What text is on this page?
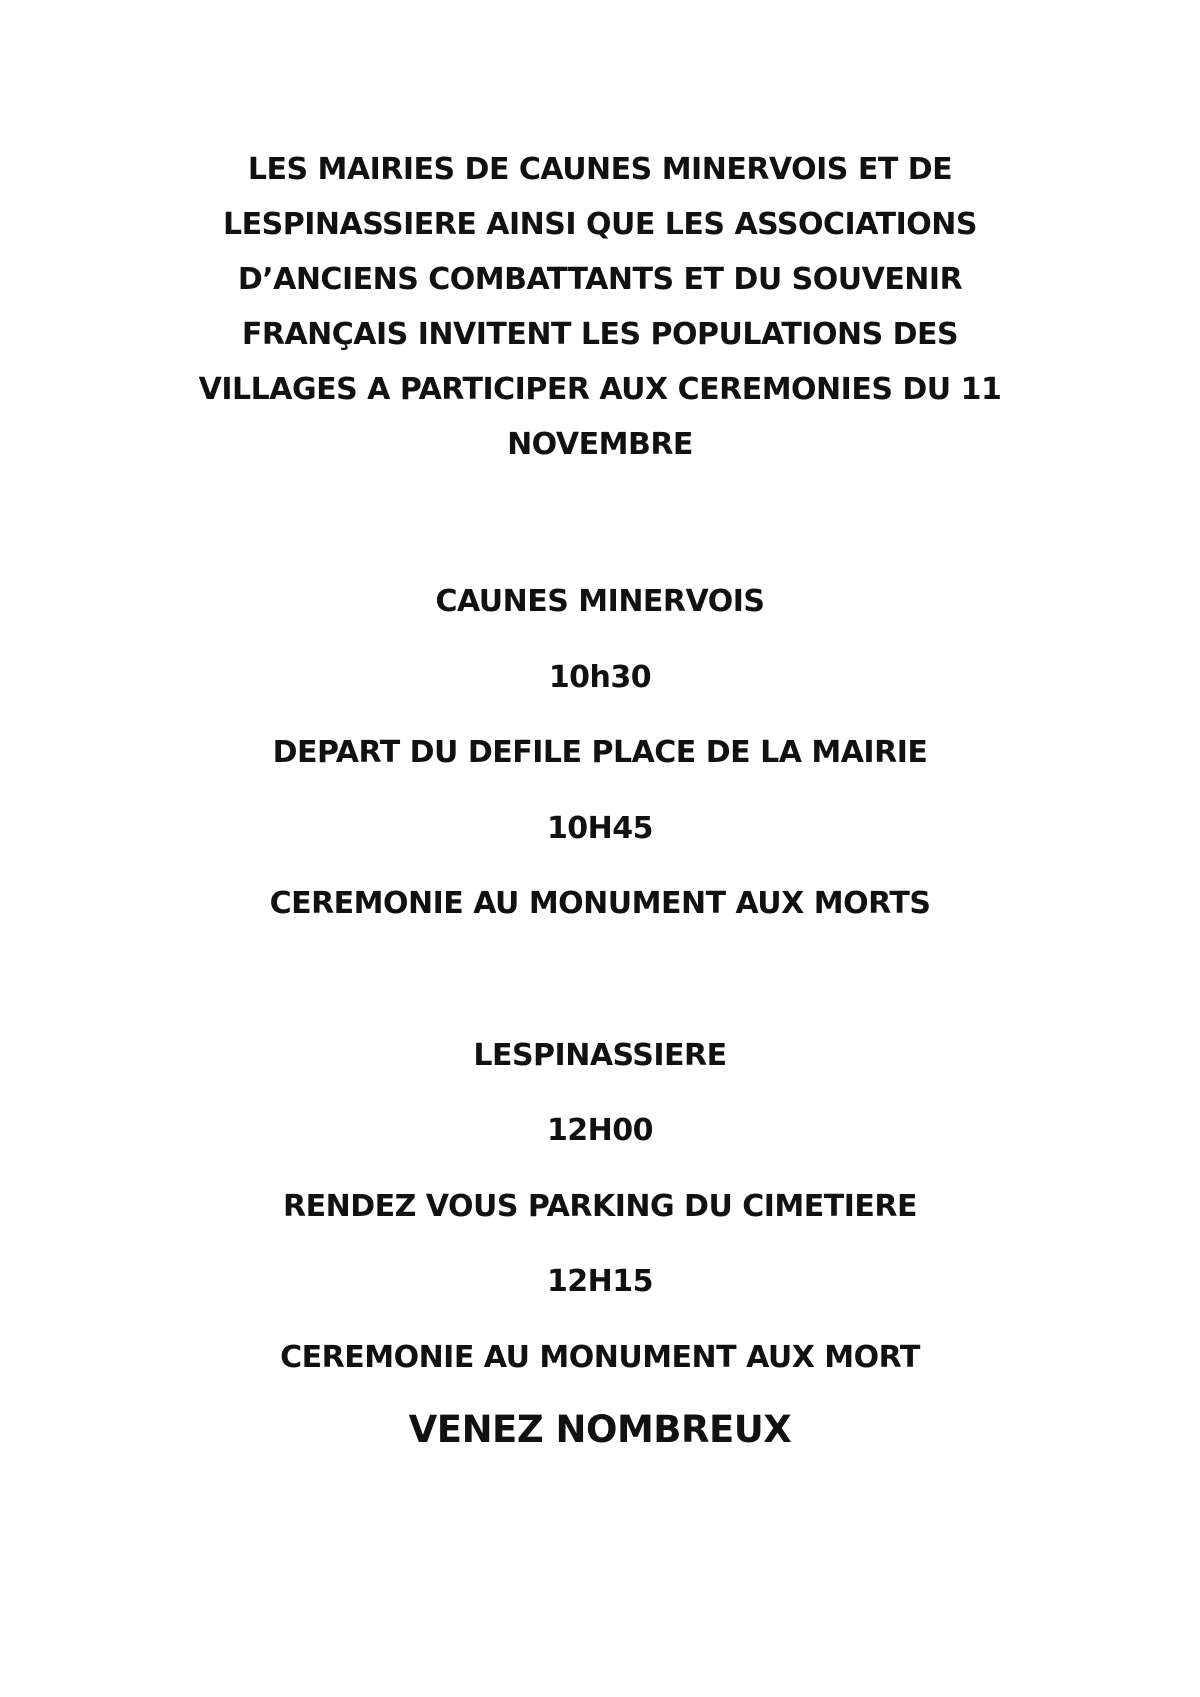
LES MAIRIES DE CAUNES MINERVOIS ET DE
LESPINASSIERE AINSI QUE LES ASSOCIATIONS
D’ANCIENS COMBATTANTS ET DU SOUVENIR
FRANÇAIS INVITENT LES POPULATIONS DES
VILLAGES A PARTICIPER AUX CEREMONIES DU 11
NOVEMBRE
CAUNES MINERVOIS
10h30
DEPART DU DEFILE PLACE DE LA MAIRIE
10H45
CEREMONIE AU MONUMENT AUX MORTS
LESPINASSIERE
12H00
RENDEZ VOUS PARKING DU CIMETIERE
12H15
CEREMONIE AU MONUMENT AUX MORT
VENEZ NOMBREUX
